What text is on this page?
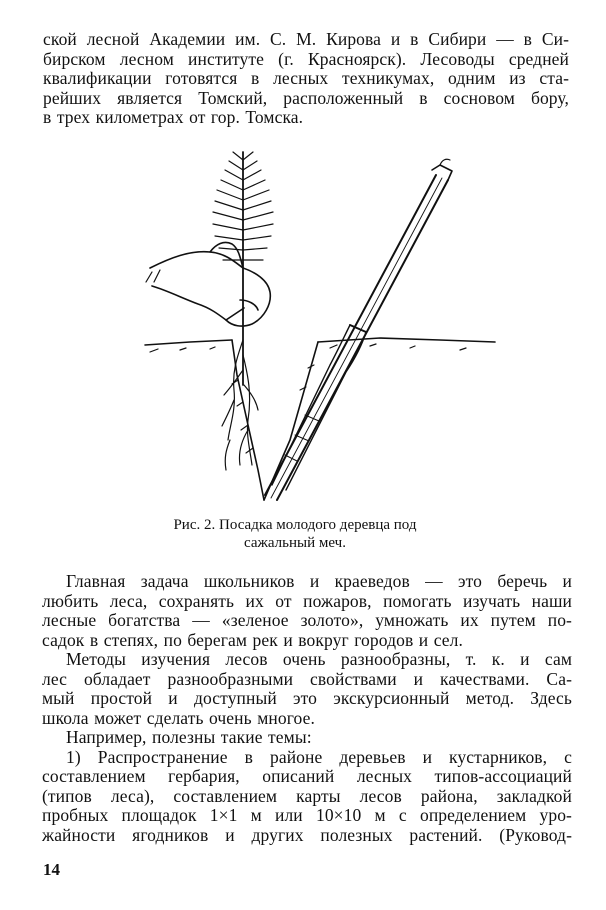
ской лесной Академии им. С. М. Кирова и в Сибири — в Си-
бирском лесном институте (г. Красноярск). Лесоводы средней
квалификации готовятся в лесных техникумах, одним из ста-
рейших является Томский, расположенный в сосновом бору,
в трех километрах от гор. Томска.
Рис. 2. Посадка молодого деревца под
сажальный меч.
Главная задача школьников и краеведов — это беречь и
любить леса, сохранять их от пожаров, помогать изучать наши
лесные богатства — «зеленое золото», умножать их путем по-
садок в степях, по берегам рек и вокруг городов и сел.
Методы изучения лесов очень разнообразны, т. к. и сам
лес обладает разнообразными свойствами и качествами. Са-
мый простой и доступный это экскурсионный метод. Здесь
школа может сделать очень многое.
Например, полезны такие темы:
1) Распространение в районе деревьев и кустарников, с
составлением гербария, описаний лесных типов-ассоциаций
(типов леса), составлением карты лесов района, закладкой
пробных площадок 1×1 м или 10×10 м с определением уро-
жайности ягодников и других полезных растений. (Руковод-
14
